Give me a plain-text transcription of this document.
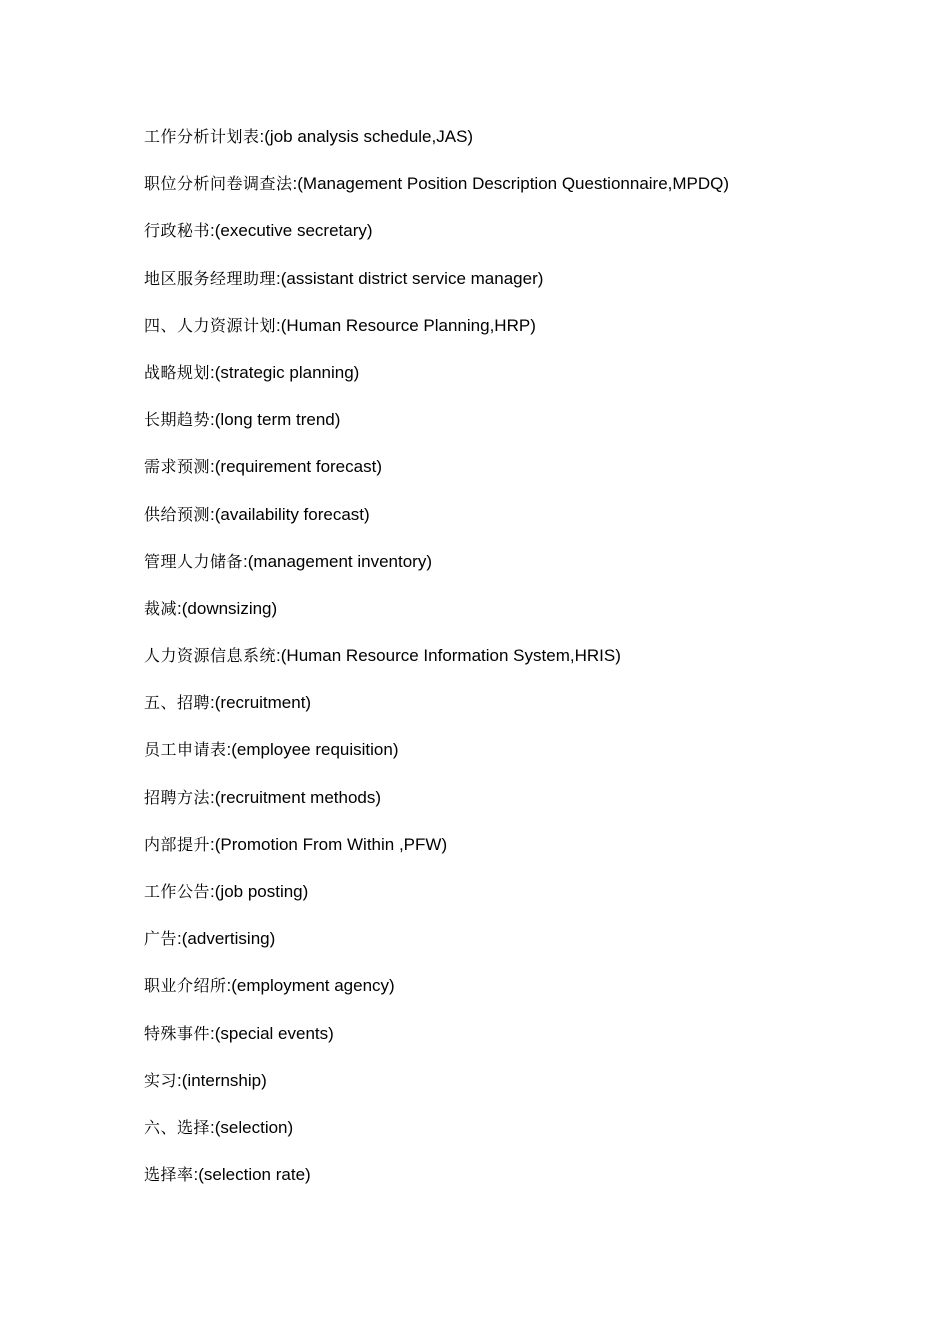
工作分析计划表:(job analysis schedule,JAS)
职位分析问卷调查法:(Management Position Description Questionnaire,MPDQ)
行政秘书:(executive secretary)
地区服务经理助理:(assistant district service manager)
四、人力资源计划:(Human Resource Planning,HRP)
战略规划:(strategic planning)
长期趋势:(long term trend)
需求预测:(requirement forecast)
供给预测:(availability forecast)
管理人力储备:(management inventory)
裁减:(downsizing)
人力资源信息系统:(Human Resource Information System,HRIS)
五、招聘:(recruitment)
员工申请表:(employee requisition)
招聘方法:(recruitment methods)
内部提升:(Promotion From Within ,PFW)
工作公告:(job posting)
广告:(advertising)
职业介绍所:(employment agency)
特殊事件:(special events)
实习:(internship)
六、选择:(selection)
选择率:(selection rate)
